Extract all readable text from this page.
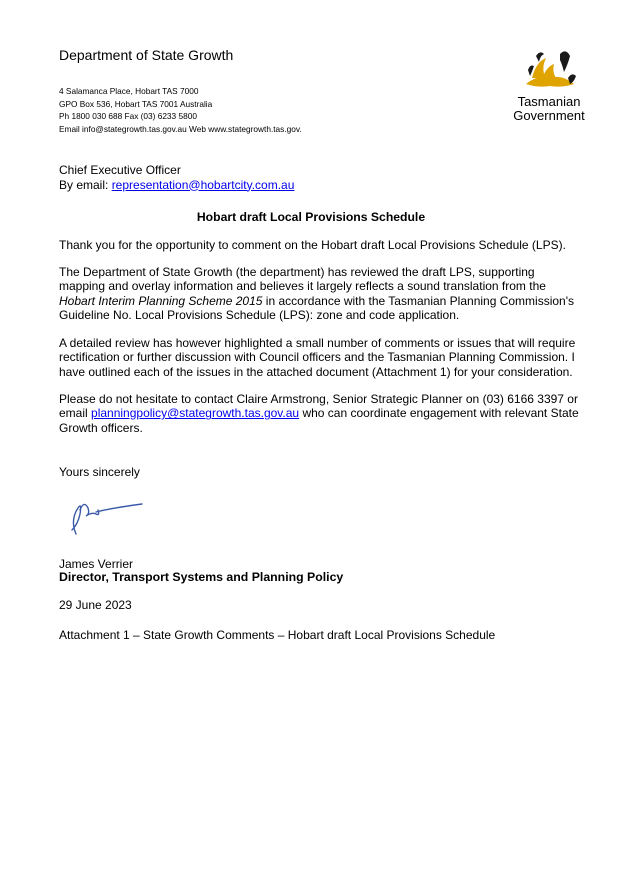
Department of State Growth
4 Salamanca Place, Hobart TAS 7000
GPO Box 536, Hobart TAS 7001 Australia
Ph 1800 030 688 Fax (03) 6233 5800
Email info@stategrowth.tas.gov.au Web www.stategrowth.tas.gov.
Tasmanian
Government
Chief Executive Officer
By email: representation@hobartcity.com.au
Hobart draft Local Provisions Schedule
Thank you for the opportunity to comment on the Hobart draft Local Provisions Schedule (LPS).
The Department of State Growth (the department) has reviewed the draft LPS, supporting
mapping and overlay information and believes it largely reflects a sound translation from the
Hobart Interim Planning Scheme 2015 in accordance with the Tasmanian Planning Commission's
Guideline No. Local Provisions Schedule (LPS): zone and code application.
A detailed review has however highlighted a small number of comments or issues that will require
rectification or further discussion with Council officers and the Tasmanian Planning Commission. I
have outlined each of the issues in the attached document (Attachment 1) for your consideration.
Please do not hesitate to contact Claire Armstrong, Senior Strategic Planner on (03) 6166 3397 or
email planningpolicy@stategrowth.tas.gov.au who can coordinate engagement with relevant State
Growth officers.
Yours sincerely
James Verrier
Director, Transport Systems and Planning Policy
29 June 2023
Attachment 1 – State Growth Comments – Hobart draft Local Provisions Schedule
